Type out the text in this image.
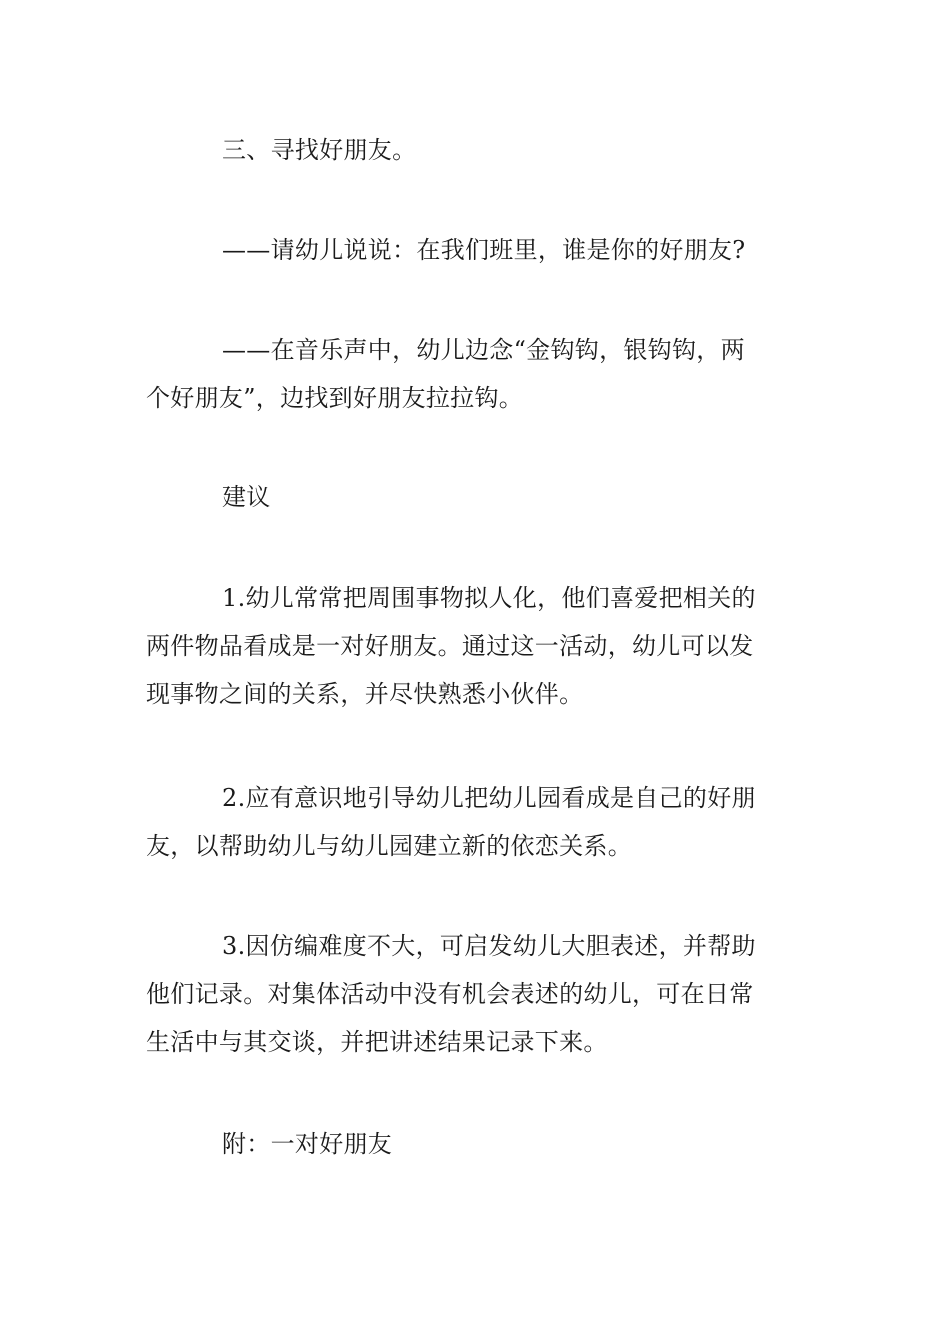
三、寻找好朋友。

——请幼儿说说：在我们班里，谁是你的好朋友?

——在音乐声中，幼儿边念“金钩钩，银钩钩，两
个好朋友”，边找到好朋友拉拉钩。

建议

1.幼儿常常把周围事物拟人化，他们喜爱把相关的
两件物品看成是一对好朋友。通过这一活动，幼儿可以发
现事物之间的关系，并尽快熟悉小伙伴。

2.应有意识地引导幼儿把幼儿园看成是自己的好朋
友，以帮助幼儿与幼儿园建立新的依恋关系。

3.因仿编难度不大，可启发幼儿大胆表述，并帮助
他们记录。对集体活动中没有机会表述的幼儿，可在日常
生活中与其交谈，并把讲述结果记录下来。

附：一对好朋友
